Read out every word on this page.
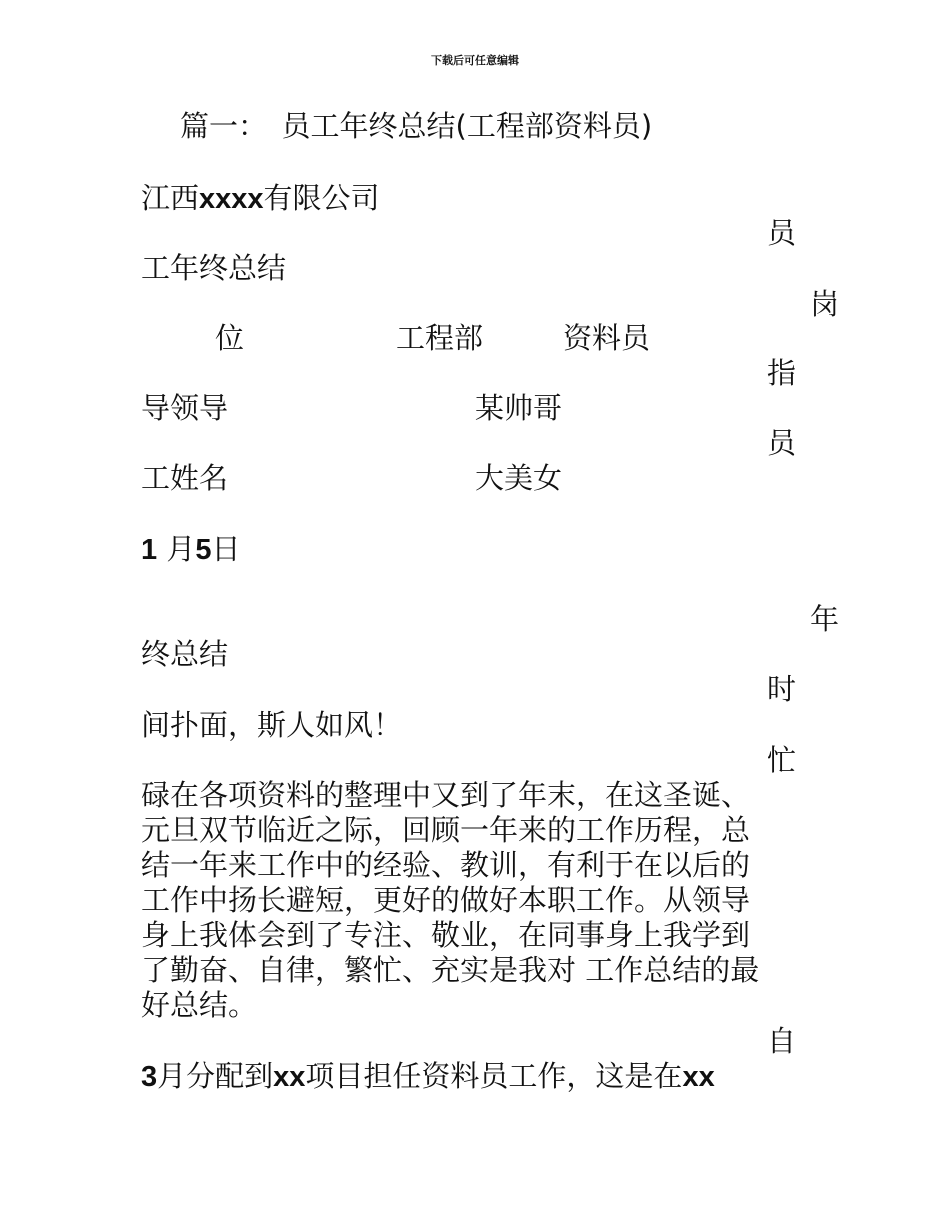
下载后可任意编辑
篇一：　员工年终总结(工程部资料员)
江西xxxx有限公司
员
工年终总结
岗
位	工程部	资料员
指
导领导	某帅哥
员
工姓名	大美女
1 月5日
年
终总结
时
间扑面，斯人如风！
忙
碌在各项资料的整理中又到了年末，在这圣诞、
元旦双节临近之际，回顾一年来的工作历程，总
结一年来工作中的经验、教训，有利于在以后的
工作中扬长避短，更好的做好本职工作。从领导
身上我体会到了专注、敬业，在同事身上我学到
了勤奋、自律，繁忙、充实是我对 工作总结的最
好总结。
自
3月分配到xx项目担任资料员工作，这是在xx
